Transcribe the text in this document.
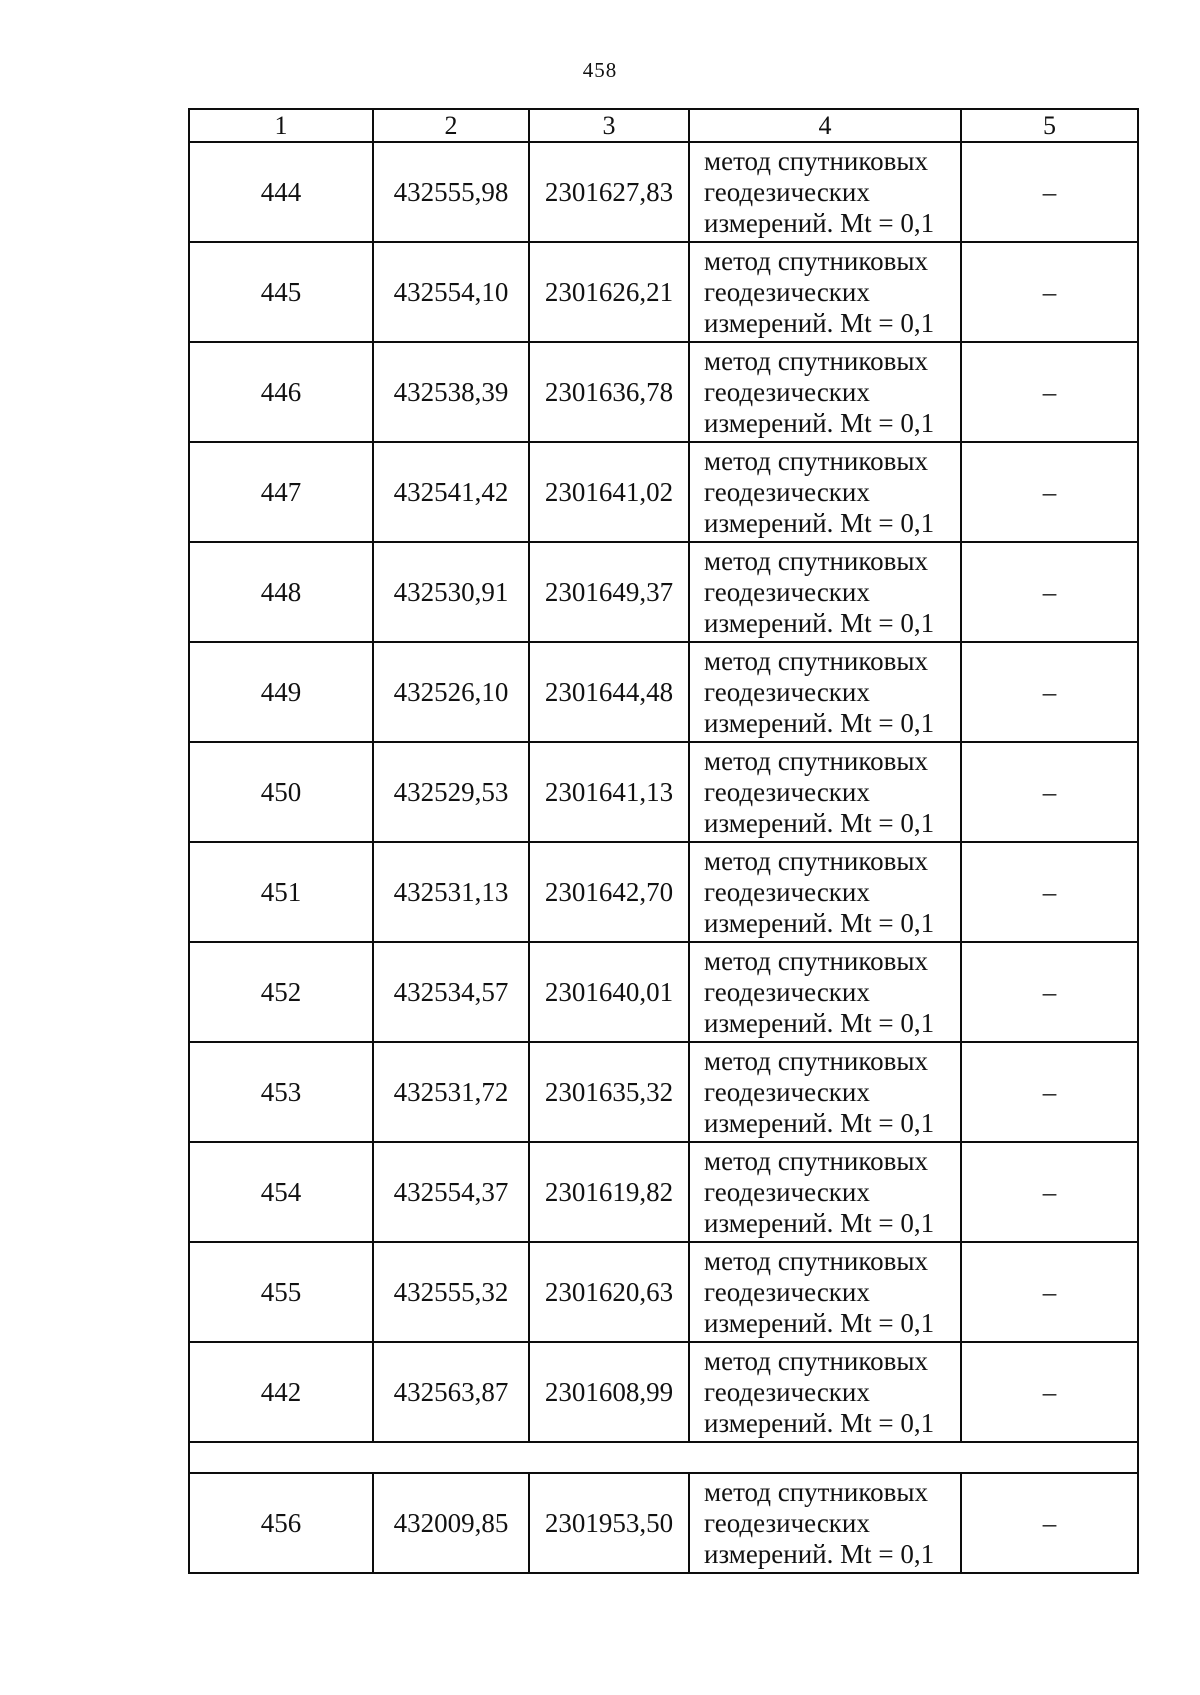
458
1	2	3	4	5
444	432555,98	2301627,83	метод спутниковых геодезических измерений. Mt = 0,1	–
445	432554,10	2301626,21	метод спутниковых геодезических измерений. Mt = 0,1	–
446	432538,39	2301636,78	метод спутниковых геодезических измерений. Mt = 0,1	–
447	432541,42	2301641,02	метод спутниковых геодезических измерений. Mt = 0,1	–
448	432530,91	2301649,37	метод спутниковых геодезических измерений. Mt = 0,1	–
449	432526,10	2301644,48	метод спутниковых геодезических измерений. Mt = 0,1	–
450	432529,53	2301641,13	метод спутниковых геодезических измерений. Mt = 0,1	–
451	432531,13	2301642,70	метод спутниковых геодезических измерений. Mt = 0,1	–
452	432534,57	2301640,01	метод спутниковых геодезических измерений. Mt = 0,1	–
453	432531,72	2301635,32	метод спутниковых геодезических измерений. Mt = 0,1	–
454	432554,37	2301619,82	метод спутниковых геодезических измерений. Mt = 0,1	–
455	432555,32	2301620,63	метод спутниковых геодезических измерений. Mt = 0,1	–
442	432563,87	2301608,99	метод спутниковых геодезических измерений. Mt = 0,1	–

456	432009,85	2301953,50	метод спутниковых геодезических измерений. Mt = 0,1	–
